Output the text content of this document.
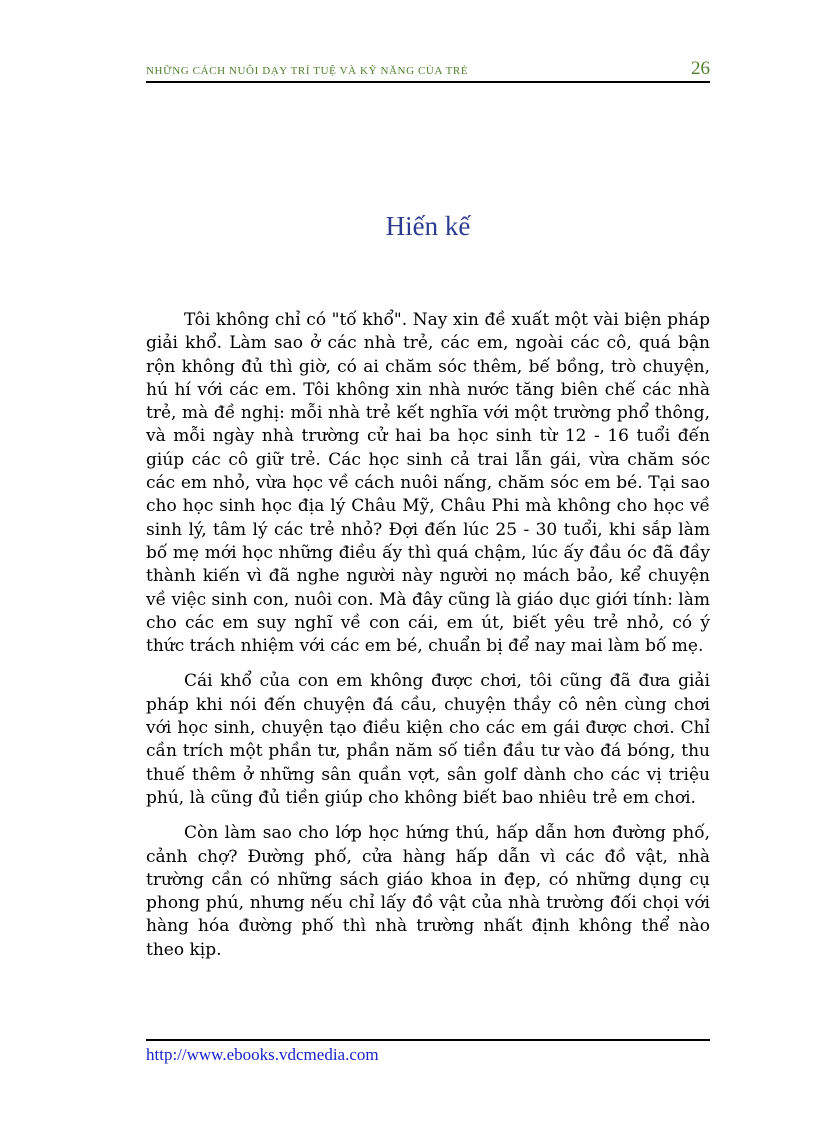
NHỮNG CÁCH NUÔI DẠY TRÍ TUỆ VÀ KỸ NĂNG CỦA TRẺ	26
Hiến kế

Tôi không chỉ có "tố khổ". Nay xin đề xuất một vài biện pháp giải khổ. Làm sao ở các nhà trẻ, các em, ngoài các cô, quá bận rộn không đủ thì giờ, có ai chăm sóc thêm, bế bồng, trò chuyện, hú hí với các em. Tôi không xin nhà nước tăng biên chế các nhà trẻ, mà đề nghị: mỗi nhà trẻ kết nghĩa với một trường phổ thông, và mỗi ngày nhà trường cử hai ba học sinh từ 12 - 16 tuổi đến giúp các cô giữ trẻ. Các học sinh cả trai lẫn gái, vừa chăm sóc các em nhỏ, vừa học về cách nuôi nấng, chăm sóc em bé. Tại sao cho học sinh học địa lý Châu Mỹ, Châu Phi mà không cho học về sinh lý, tâm lý các trẻ nhỏ? Đợi đến lúc 25 - 30 tuổi, khi sắp làm bố mẹ mới học những điều ấy thì quá chậm, lúc ấy đầu óc đã đầy thành kiến vì đã nghe người này người nọ mách bảo, kể chuyện về việc sinh con, nuôi con. Mà đây cũng là giáo dục giới tính: làm cho các em suy nghĩ về con cái, em út, biết yêu trẻ nhỏ, có ý thức trách nhiệm với các em bé, chuẩn bị để nay mai làm bố mẹ.

Cái khổ của con em không được chơi, tôi cũng đã đưa giải pháp khi nói đến chuyện đá cầu, chuyện thầy cô nên cùng chơi với học sinh, chuyện tạo điều kiện cho các em gái được chơi. Chỉ cần trích một phần tư, phần năm số tiền đầu tư vào đá bóng, thu thuế thêm ở những sân quần vợt, sân golf dành cho các vị triệu phú, là cũng đủ tiền giúp cho không biết bao nhiêu trẻ em chơi.

Còn làm sao cho lớp học hứng thú, hấp dẫn hơn đường phố, cảnh chợ? Đường phố, cửa hàng hấp dẫn vì các đồ vật, nhà trường cần có những sách giáo khoa in đẹp, có những dụng cụ phong phú, nhưng nếu chỉ lấy đồ vật của nhà trường đối chọi với hàng hóa đường phố thì nhà trường nhất định không thể nào theo kịp.

http://www.ebooks.vdcmedia.com
